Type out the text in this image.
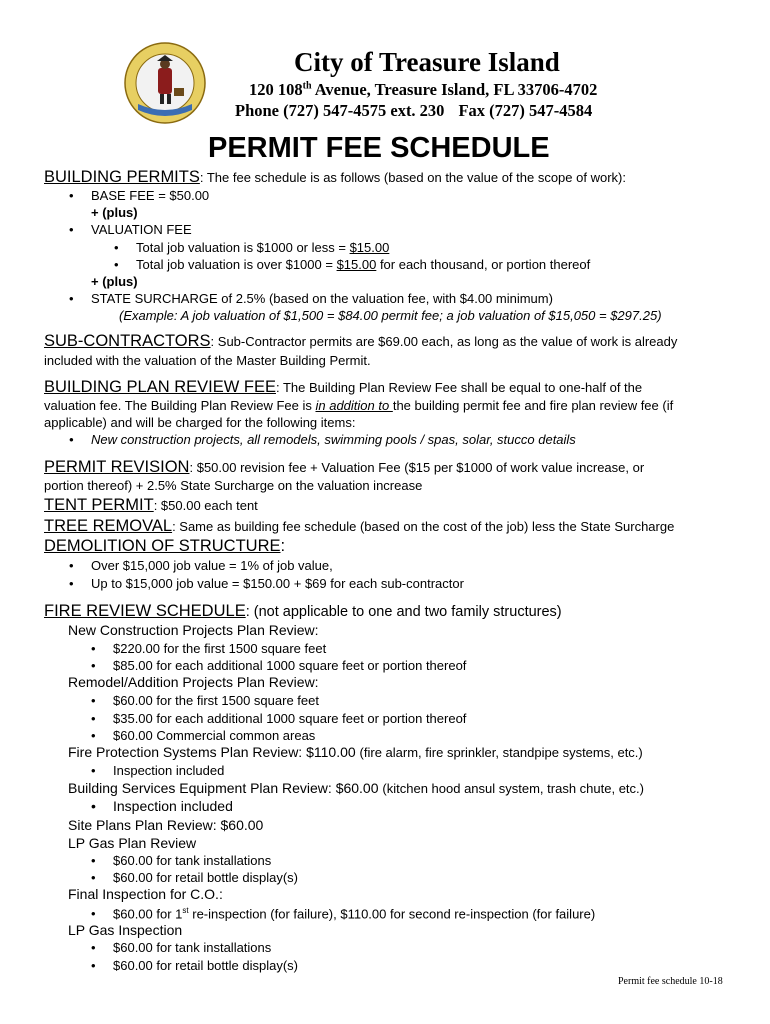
City of Treasure Island
120 108th Avenue, Treasure Island, FL 33706-4702
Phone (727) 547-4575 ext. 230 Fax (727) 547-4584
PERMIT FEE SCHEDULE
BUILDING PERMITS: The fee schedule is as follows (based on the value of the scope of work):
• BASE FEE = $50.00
+ (plus)
• VALUATION FEE
• Total job valuation is $1000 or less = $15.00
• Total job valuation is over $1000 = $15.00 for each thousand, or portion thereof
+ (plus)
• STATE SURCHARGE of 2.5% (based on the valuation fee, with $4.00 minimum)
(Example: A job valuation of $1,500 = $84.00 permit fee; a job valuation of $15,050 = $297.25)
SUB-CONTRACTORS: Sub-Contractor permits are $69.00 each, as long as the value of work is already
included with the valuation of the Master Building Permit.
BUILDING PLAN REVIEW FEE: The Building Plan Review Fee shall be equal to one-half of the
valuation fee. The Building Plan Review Fee is in addition to the building permit fee and fire plan review fee (if
applicable) and will be charged for the following items:
• New construction projects, all remodels, swimming pools / spas, solar, stucco details
PERMIT REVISION: $50.00 revision fee + Valuation Fee ($15 per $1000 of work value increase, or
portion thereof) + 2.5% State Surcharge on the valuation increase
TENT PERMIT: $50.00 each tent
TREE REMOVAL: Same as building fee schedule (based on the cost of the job) less the State Surcharge
DEMOLITION OF STRUCTURE:
• Over $15,000 job value = 1% of job value,
• Up to $15,000 job value = $150.00 + $69 for each sub-contractor
FIRE REVIEW SCHEDULE: (not applicable to one and two family structures)
New Construction Projects Plan Review:
• $220.00 for the first 1500 square feet
• $85.00 for each additional 1000 square feet or portion thereof
Remodel/Addition Projects Plan Review:
• $60.00 for the first 1500 square feet
• $35.00 for each additional 1000 square feet or portion thereof
• $60.00 Commercial common areas
Fire Protection Systems Plan Review: $110.00 (fire alarm, fire sprinkler, standpipe systems, etc.)
• Inspection included
Building Services Equipment Plan Review: $60.00 (kitchen hood ansul system, trash chute, etc.)
• Inspection included
Site Plans Plan Review: $60.00
LP Gas Plan Review
• $60.00 for tank installations
• $60.00 for retail bottle display(s)
Final Inspection for C.O.:
• $60.00 for 1st re-inspection (for failure), $110.00 for second re-inspection (for failure)
LP Gas Inspection
• $60.00 for tank installations
• $60.00 for retail bottle display(s)
Permit fee schedule 10-18
